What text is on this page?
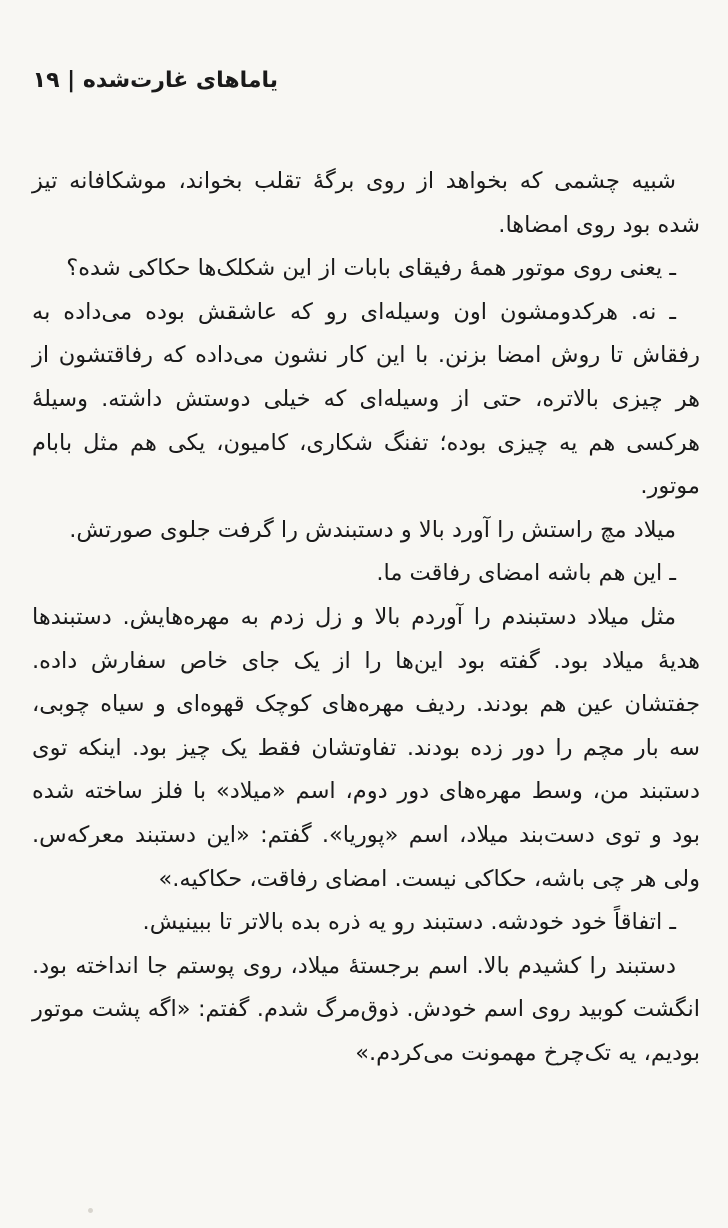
یاماهای غارت‌شده | ۱۹

شبیه چشمی که بخواهد از روی برگهٔ تقلب بخواند، موشکافانه تیز شده بود روی امضاها.

ـ یعنی روی موتور همهٔ رفیقای بابات از این شکلک‌ها حکاکی شده؟

ـ نه. هرکدومشون اون وسیله‌ای رو که عاشقش بوده می‌داده به رفقاش تا روش امضا بزنن. با این کار نشون می‌داده که رفاقتشون از هر چیزی بالاتره، حتی از وسیله‌ای که خیلی دوستش داشته. وسیلهٔ هرکسی هم یه چیزی بوده؛ تفنگ شکاری، کامیون، یکی هم مثل بابام موتور.

میلاد مچ راستش را آورد بالا و دستبندش را گرفت جلوی صورتش.

ـ این هم باشه امضای رفاقت ما.

مثل میلاد دستبندم را آوردم بالا و زل زدم به مهره‌هایش. دستبندها هدیهٔ میلاد بود. گفته بود این‌ها را از یک جای خاص سفارش داده. جفتشان عین هم بودند. ردیف مهره‌های کوچک قهوه‌ای و سیاه چوبی، سه بار مچم را دور زده بودند. تفاوتشان فقط یک چیز بود. اینکه توی دستبند من، وسط مهره‌های دور دوم، اسم «میلاد» با فلز ساخته شده بود و توی دست‌بند میلاد، اسم «پوریا». گفتم: «این دستبند معرکه‌س. ولی هر چی باشه، حکاکی نیست. امضای رفاقت، حکاکیه.»

ـ اتفاقاً خود خودشه. دستبند رو یه ذره بده بالاتر تا ببینیش.

دستبند را کشیدم بالا. اسم برجستهٔ میلاد، روی پوستم جا انداخته بود. انگشت کوبید روی اسم خودش. ذوق‌مرگ شدم. گفتم: «اگه پشت موتور بودیم، یه تک‌چرخ مهمونت می‌کردم.»
